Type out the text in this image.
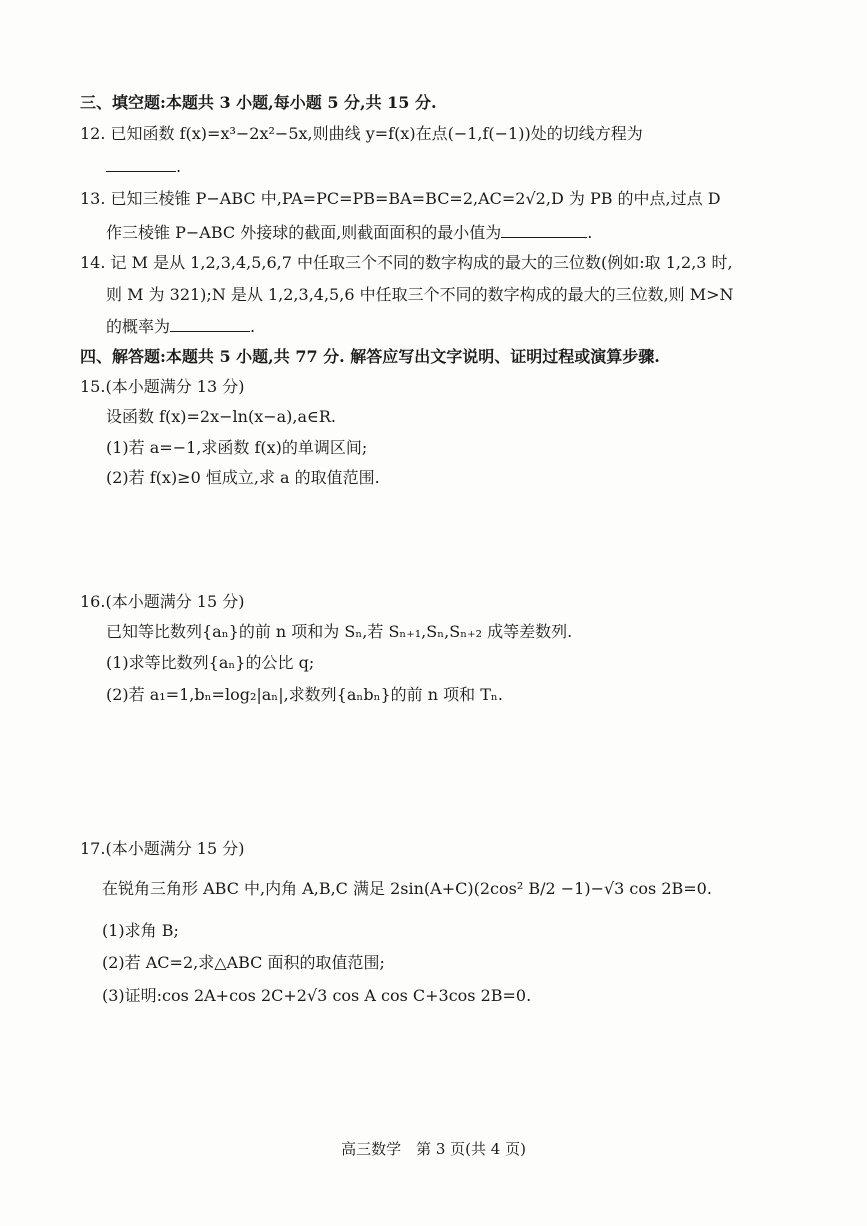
三、填空题:本题共 3 小题,每小题 5 分,共 15 分.
12. 已知函数 f(x)=x³−2x²−5x,则曲线 y=f(x)在点(−1,f(−1))处的切线方程为
.
13. 已知三棱锥 P−ABC 中,PA=PC=PB=BA=BC=2,AC=2√2,D 为 PB 的中点,过点 D
作三棱锥 P−ABC 外接球的截面,则截面面积的最小值为	.
14. 记 M 是从 1,2,3,4,5,6,7 中任取三个不同的数字构成的最大的三位数(例如:取 1,2,3 时,
则 M 为 321);N 是从 1,2,3,4,5,6 中任取三个不同的数字构成的最大的三位数,则 M>N
的概率为	.
四、解答题:本题共 5 小题,共 77 分. 解答应写出文字说明、证明过程或演算步骤.
15.(本小题满分 13 分)
设函数 f(x)=2x−ln(x−a),a∈R.
(1)若 a=−1,求函数 f(x)的单调区间;
(2)若 f(x)≥0 恒成立,求 a 的取值范围.
16.(本小题满分 15 分)
已知等比数列{aₙ}的前 n 项和为 Sₙ,若 Sₙ₊₁,Sₙ,Sₙ₊₂ 成等差数列.
(1)求等比数列{aₙ}的公比 q;
(2)若 a₁=1,bₙ=log₂|aₙ|,求数列{aₙbₙ}的前 n 项和 Tₙ.
17.(本小题满分 15 分)
在锐角三角形 ABC 中,内角 A,B,C 满足 2sin(A+C)(2cos² B/2 −1)−√3 cos 2B=0.
(1)求角 B;
(2)若 AC=2,求△ABC 面积的取值范围;
(3)证明:cos 2A+cos 2C+2√3 cos A cos C+3cos 2B=0.
高三数学　第 3 页(共 4 页)
